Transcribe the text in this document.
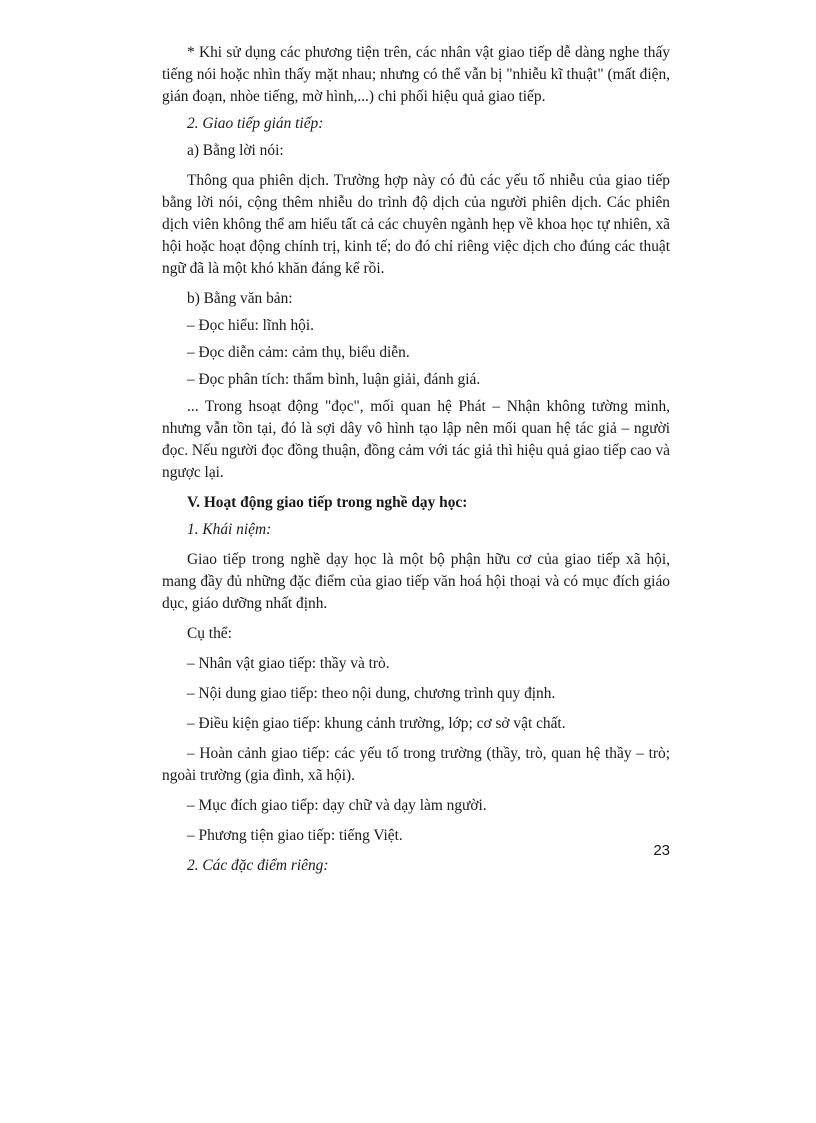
* Khi sử dụng các phương tiện trên, các nhân vật giao tiếp dễ dàng nghe thấy tiếng nói hoặc nhìn thấy mặt nhau; nhưng có thể vẫn bị "nhiễu kĩ thuật" (mất điện, gián đoạn, nhòe tiếng, mờ hình,...) chi phối hiệu quả giao tiếp.

2. Giao tiếp gián tiếp:

a) Bằng lời nói:

Thông qua phiên dịch. Trường hợp này có đủ các yếu tố nhiễu của giao tiếp bằng lời nói, cộng thêm nhiễu do trình độ dịch của người phiên dịch. Các phiên dịch viên không thể am hiểu tất cả các chuyên ngành hẹp về khoa học tự nhiên, xã hội hoặc hoạt động chính trị, kinh tế; do đó chỉ riêng việc dịch cho đúng các thuật ngữ đã là một khó khăn đáng kể rồi.

b) Bằng văn bản:

– Đọc hiểu: lĩnh hội.

– Đọc diễn cảm: cảm thụ, biểu diễn.

– Đọc phân tích: thẩm bình, luận giải, đánh giá.

... Trong hsoạt động "đọc", mối quan hệ Phát – Nhận không tường minh, nhưng vẫn tồn tại, đó là sợi dây vô hình tạo lập nên mối quan hệ tác giả – người đọc. Nếu người đọc đồng thuận, đồng cảm với tác giả thì hiệu quả giao tiếp cao và ngược lại.

V. Hoạt động giao tiếp trong nghề dạy học:

1. Khái niệm:

Giao tiếp trong nghề dạy học là một bộ phận hữu cơ của giao tiếp xã hội, mang đầy đủ những đặc điểm của giao tiếp văn hoá hội thoại và có mục đích giáo dục, giáo dưỡng nhất định.

Cụ thể:

– Nhân vật giao tiếp: thầy và trò.

– Nội dung giao tiếp: theo nội dung, chương trình quy định.

– Điều kiện giao tiếp: khung cảnh trường, lớp; cơ sở vật chất.

– Hoàn cảnh giao tiếp: các yếu tố trong trường (thầy, trò, quan hệ thầy – trò; ngoài trường (gia đình, xã hội).

– Mục đích giao tiếp: dạy chữ và dạy làm người.

– Phương tiện giao tiếp: tiếng Việt.

2. Các đặc điểm riêng:

23
